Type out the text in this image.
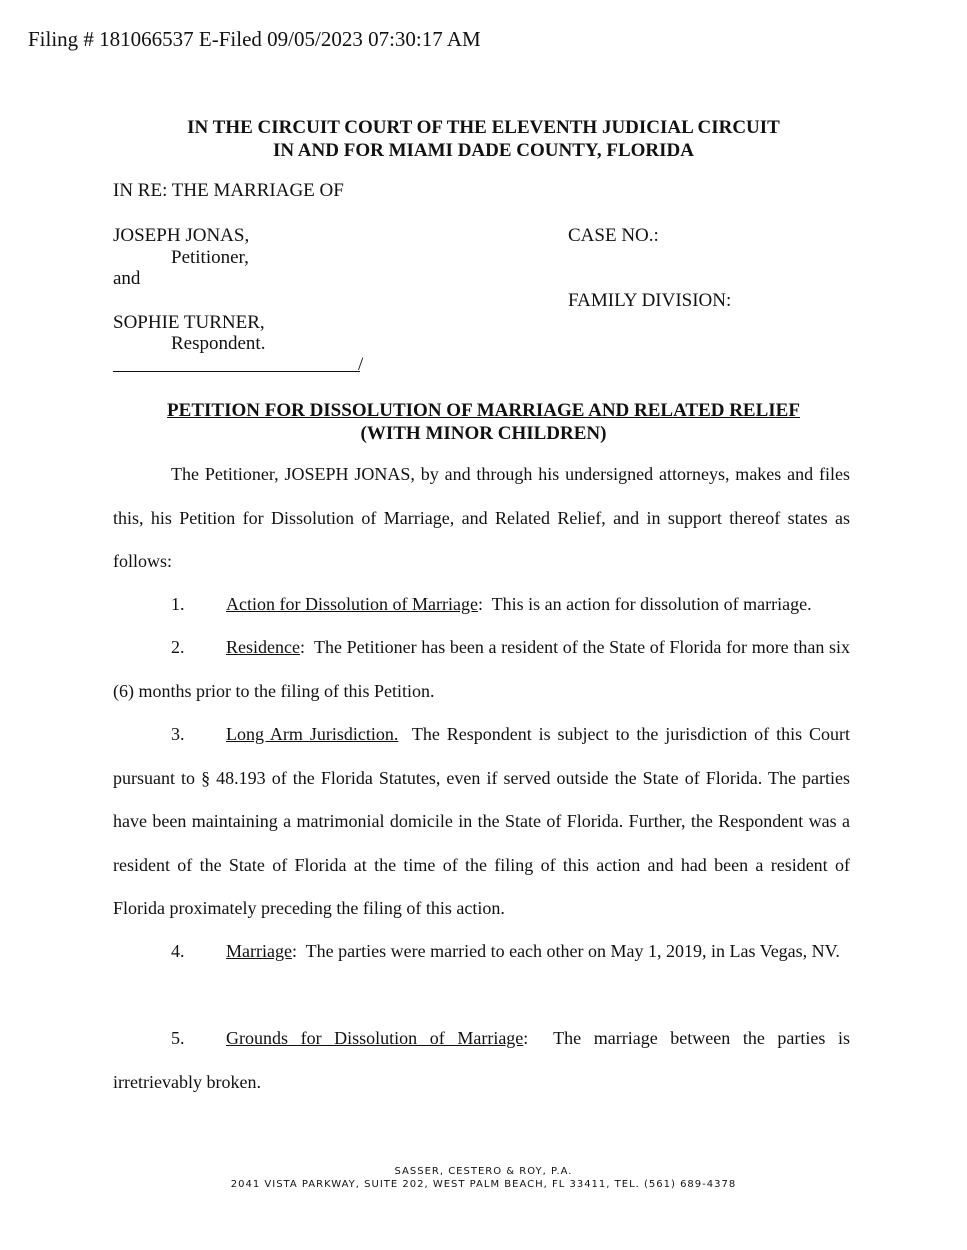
Filing # 181066537 E-Filed 09/05/2023 07:30:17 AM
IN THE CIRCUIT COURT OF THE ELEVENTH JUDICIAL CIRCUIT
IN AND FOR MIAMI DADE COUNTY, FLORIDA
IN RE: THE MARRIAGE OF
JOSEPH JONAS,
Petitioner,
and
SOPHIE TURNER,
Respondent.
/
CASE NO.:
FAMILY DIVISION:
PETITION FOR DISSOLUTION OF MARRIAGE AND RELATED RELIEF
(WITH MINOR CHILDREN)
The Petitioner, JOSEPH JONAS, by and through his undersigned attorneys, makes and files this, his Petition for Dissolution of Marriage, and Related Relief, and in support thereof states as follows:
1. Action for Dissolution of Marriage: This is an action for dissolution of marriage.
2. Residence: The Petitioner has been a resident of the State of Florida for more than six (6) months prior to the filing of this Petition.
3. Long Arm Jurisdiction. The Respondent is subject to the jurisdiction of this Court pursuant to § 48.193 of the Florida Statutes, even if served outside the State of Florida. The parties have been maintaining a matrimonial domicile in the State of Florida. Further, the Respondent was a resident of the State of Florida at the time of the filing of this action and had been a resident of Florida proximately preceding the filing of this action.
4. Marriage: The parties were married to each other on May 1, 2019, in Las Vegas, NV.
5. Grounds for Dissolution of Marriage: The marriage between the parties is irretrievably broken.
SASSER, CESTERO & ROY, P.A.
2041 VISTA PARKWAY, SUITE 202, WEST PALM BEACH, FL 33411, TEL. (561) 689-4378
